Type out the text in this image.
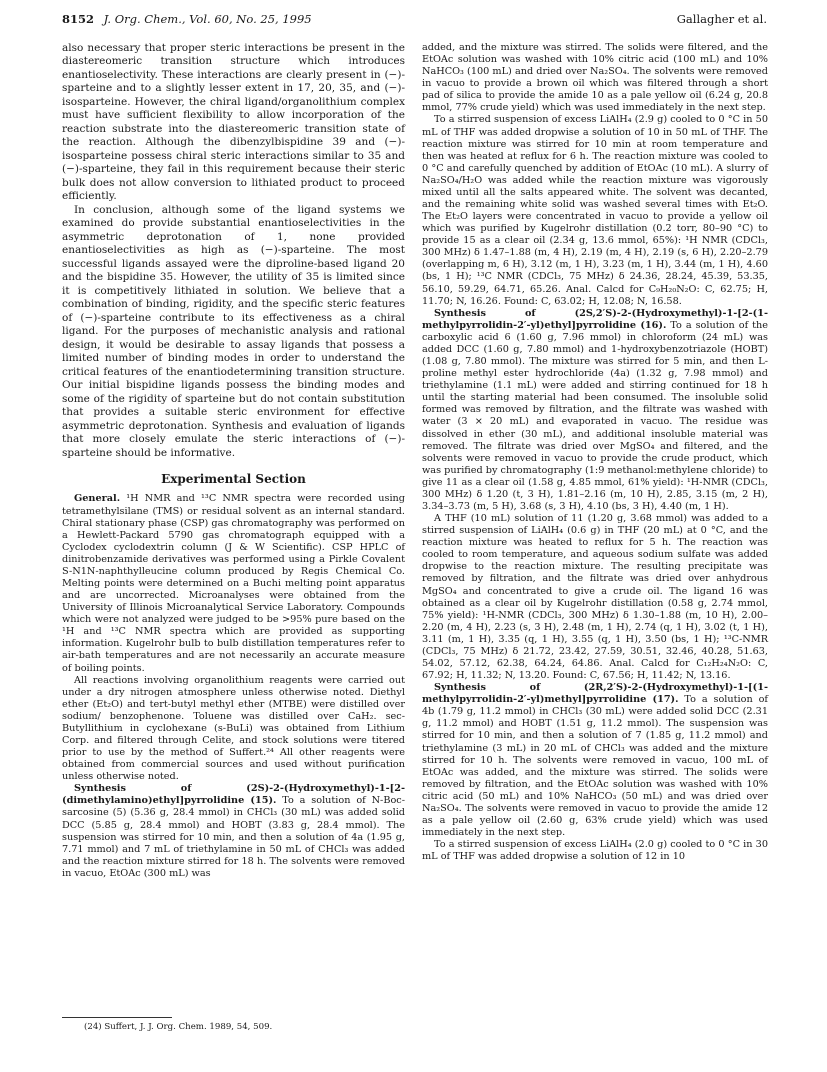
8152 J. Org. Chem., Vol. 60, No. 25, 1995	Gallagher et al.

also necessary that proper steric interactions be present in the diastereomeric transition structure which introduces enantioselectivity. These interactions are clearly present in (−)-sparteine and to a slightly lesser extent in 17, 20, 35, and (−)-isosparteine. However, the chiral ligand/organolithium complex must have sufficient flexibility to allow incorporation of the reaction substrate into the diastereomeric transition state of the reaction. Although the dibenzylbispidine 39 and (−)-isosparteine possess chiral steric interactions similar to 35 and (−)-sparteine, they fail in this requirement because their steric bulk does not allow conversion to lithiated product to proceed efficiently.

In conclusion, although some of the ligand systems we examined do provide substantial enantioselectivities in the asymmetric deprotonation of 1, none provided enantioselectivities as high as (−)-sparteine. The most successful ligands assayed were the diproline-based ligand 20 and the bispidine 35. However, the utility of 35 is limited since it is competitively lithiated in solution. We believe that a combination of binding, rigidity, and the specific steric features of (−)-sparteine contribute to its effectiveness as a chiral ligand. For the purposes of mechanistic analysis and rational design, it would be desirable to assay ligands that possess a limited number of binding modes in order to understand the critical features of the enantiodetermining transition structure. Our initial bispidine ligands possess the binding modes and some of the rigidity of sparteine but do not contain substitution that provides a suitable steric environment for effective asymmetric deprotonation. Synthesis and evaluation of ligands that more closely emulate the steric interactions of (−)-sparteine should be informative.

Experimental Section

General. ¹H NMR and ¹³C NMR spectra were recorded using tetramethylsilane (TMS) or residual solvent as an internal standard. Chiral stationary phase (CSP) gas chromatography was performed on a Hewlett-Packard 5790 gas chromatograph equipped with a Cyclodex cyclodextrin column (J & W Scientific). CSP HPLC of dinitrobenzamide derivatives was performed using a Pirkle Covalent S-N1N-naphthylleucine column produced by Regis Chemical Co. Melting points were determined on a Buchi melting point apparatus and are uncorrected. Microanalyses were obtained from the University of Illinois Microanalytical Service Laboratory. Compounds which were not analyzed were judged to be >95% pure based on the ¹H and ¹³C NMR spectra which are provided as supporting information. Kugelrohr bulb to bulb distillation temperatures refer to air-bath temperatures and are not necessarily an accurate measure of boiling points.

All reactions involving organolithium reagents were carried out under a dry nitrogen atmosphere unless otherwise noted. Diethyl ether (Et₂O) and tert-butyl methyl ether (MTBE) were distilled over sodium/ benzophenone. Toluene was distilled over CaH₂. sec-Butyllithium in cyclohexane (s-BuLi) was obtained from Lithium Corp. and filtered through Celite, and stock solutions were titered prior to use by the method of Suffert.²⁴ All other reagents were obtained from commercial sources and used without purification unless otherwise noted.

Synthesis of (2S)-2-(Hydroxymethyl)-1-[2-(dimethylamino)ethyl]pyrrolidine (15). To a solution of N-Boc-sarcosine (5) (5.36 g, 28.4 mmol) in CHCl₃ (30 mL) was added solid DCC (5.85 g, 28.4 mmol) and HOBT (3.83 g, 28.4 mmol). The suspension was stirred for 10 min, and then a solution of 4a (1.95 g, 7.71 mmol) and 7 mL of triethylamine in 50 mL of CHCl₃ was added and the reaction mixture stirred for 18 h. The solvents were removed in vacuo, EtOAc (300 mL) was

added, and the mixture was stirred. The solids were filtered, and the EtOAc solution was washed with 10% citric acid (100 mL) and 10% NaHCO₃ (100 mL) and dried over Na₂SO₄. The solvents were removed in vacuo to provide a brown oil which was filtered through a short pad of silica to provide the amide 10 as a pale yellow oil (6.24 g, 20.8 mmol, 77% crude yield) which was used immediately in the next step.

To a stirred suspension of excess LiAlH₄ (2.9 g) cooled to 0 °C in 50 mL of THF was added dropwise a solution of 10 in 50 mL of THF. The reaction mixture was stirred for 10 min at room temperature and then was heated at reflux for 6 h. The reaction mixture was cooled to 0 °C and carefully quenched by addition of EtOAc (10 mL). A slurry of Na₂SO₄/H₂O was added while the reaction mixture was vigorously mixed until all the salts appeared white. The solvent was decanted, and the remaining white solid was washed several times with Et₂O. The Et₂O layers were concentrated in vacuo to provide a yellow oil which was purified by Kugelrohr distillation (0.2 torr, 80–90 °C) to provide 15 as a clear oil (2.34 g, 13.6 mmol, 65%): ¹H NMR (CDCl₃, 300 MHz) δ 1.47–1.88 (m, 4 H), 2.19 (m, 4 H), 2.19 (s, 6 H), 2.20–2.79 (overlapping m, 6 H), 3.12 (m, 1 H), 3.23 (m, 1 H), 3.44 (m, 1 H), 4.60 (bs, 1 H); ¹³C NMR (CDCl₃, 75 MHz) δ 24.36, 28.24, 45.39, 53.35, 56.10, 59.29, 64.71, 65.26. Anal. Calcd for C₉H₂₀N₂O: C, 62.75; H, 11.70; N, 16.26. Found: C, 63.02; H, 12.08; N, 16.58.

Synthesis of (2S,2′S)-2-(Hydroxymethyl)-1-[2-(1-methylpyrrolidin-2′-yl)ethyl]pyrrolidine (16). To a solution of the carboxylic acid 6 (1.60 g, 7.96 mmol) in chloroform (24 mL) was added DCC (1.60 g, 7.80 mmol) and 1-hydroxybenzotriazole (HOBT) (1.08 g, 7.80 mmol). The mixture was stirred for 5 min, and then L-proline methyl ester hydrochloride (4a) (1.32 g, 7.98 mmol) and triethylamine (1.1 mL) were added and stirring continued for 18 h until the starting material had been consumed. The insoluble solid formed was removed by filtration, and the filtrate was washed with water (3 × 20 mL) and evaporated in vacuo. The residue was dissolved in ether (30 mL), and additional insoluble material was removed. The filtrate was dried over MgSO₄ and filtered, and the solvents were removed in vacuo to provide the crude product, which was purified by chromatography (1:9 methanol:methylene chloride) to give 11 as a clear oil (1.58 g, 4.85 mmol, 61% yield): ¹H-NMR (CDCl₃, 300 MHz) δ 1.20 (t, 3 H), 1.81–2.16 (m, 10 H), 2.85, 3.15 (m, 2 H), 3.34–3.73 (m, 5 H), 3.68 (s, 3 H), 4.10 (bs, 3 H), 4.40 (m, 1 H).

A THF (10 mL) solution of 11 (1.20 g, 3.68 mmol) was added to a stirred suspension of LiAlH₄ (0.6 g) in THF (20 mL) at 0 °C, and the reaction mixture was heated to reflux for 5 h. The reaction was cooled to room temperature, and aqueous sodium sulfate was added dropwise to the reaction mixture. The resulting precipitate was removed by filtration, and the filtrate was dried over anhydrous MgSO₄ and concentrated to give a crude oil. The ligand 16 was obtained as a clear oil by Kugelrohr distillation (0.58 g, 2.74 mmol, 75% yield): ¹H-NMR (CDCl₃, 300 MHz) δ 1.30–1.88 (m, 10 H), 2.00–2.20 (m, 4 H), 2.23 (s, 3 H), 2.48 (m, 1 H), 2.74 (q, 1 H), 3.02 (t, 1 H), 3.11 (m, 1 H), 3.35 (q, 1 H), 3.55 (q, 1 H), 3.50 (bs, 1 H); ¹³C-NMR (CDCl₃, 75 MHz) δ 21.72, 23.42, 27.59, 30.51, 32.46, 40.28, 51.63, 54.02, 57.12, 62.38, 64.24, 64.86. Anal. Calcd for C₁₂H₂₄N₂O: C, 67.92; H, 11.32; N, 13.20. Found: C, 67.56; H, 11.42; N, 13.16.

Synthesis of (2R,2′S)-2-(Hydroxymethyl)-1-[(1-methylpyrrolidin-2′-yl)methyl]pyrrolidine (17). To a solution of 4b (1.79 g, 11.2 mmol) in CHCl₃ (30 mL) were added solid DCC (2.31 g, 11.2 mmol) and HOBT (1.51 g, 11.2 mmol). The suspension was stirred for 10 min, and then a solution of 7 (1.85 g, 11.2 mmol) and triethylamine (3 mL) in 20 mL of CHCl₃ was added and the mixture stirred for 10 h. The solvents were removed in vacuo, 100 mL of EtOAc was added, and the mixture was stirred. The solids were removed by filtration, and the EtOAc solution was washed with 10% citric acid (50 mL) and 10% NaHCO₃ (50 mL) and was dried over Na₂SO₄. The solvents were removed in vacuo to provide the amide 12 as a pale yellow oil (2.60 g, 63% crude yield) which was used immediately in the next step.

To a stirred suspension of excess LiAlH₄ (2.0 g) cooled to 0 °C in 30 mL of THF was added dropwise a solution of 12 in 10

(24) Suffert, J. J. Org. Chem. 1989, 54, 509.
